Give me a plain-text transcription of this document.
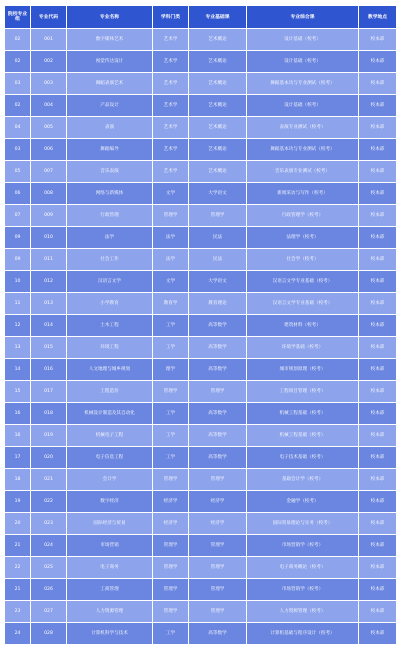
院校专业组	专业代码	专业名称	学科门类	专业基础课	专业综合课	教学地点
02	001	数字媒体艺术	艺术学	艺术概论	设计基础（校考）	校本部
02	002	视觉传达设计	艺术学	艺术概论	设计基础（校考）	校本部
03	003	舞蹈表演艺术	艺术学	艺术概论	舞蹈基本功与专业测试（校考）	校本部
02	004	产品设计	艺术学	艺术概论	设计基础（校考）	校本部
04	005	表演	艺术学	艺术概论	表演专业测试（校考）	校本部
03	006	舞蹈编导	艺术学	艺术概论	舞蹈基本功与专业测试（校考）	校本部
05	007	音乐表演	艺术学	艺术概论	音乐表演专业测试（校考）	校本部
06	008	网络与新媒体	文学	大学语文	新闻采访与写作（校考）	校本部
07	009	行政管理	管理学	管理学	行政管理学（校考）	校本部
09	010	法学	法学	民法	法理学（校考）	校本部
09	011	社会工作	法学	民法	社会学（校考）	校本部
10	012	汉语言文学	文学	大学语文	汉语言文学专业基础（校考）	校本部
11	013	小学教育	教育学	教育理论	汉语言文学专业基础（校考）	校本部
12	014	土木工程	工学	高等数学	建筑材料（校考）	校本部
13	015	环境工程	工学	高等数学	环境学基础（校考）	校本部
14	016	人文地理与城乡规划	理学	高等数学	城市规划原理（校考）	校本部
15	017	工程造价	管理学	管理学	工程项目管理（校考）	校本部
16	018	机械设计制造及其自动化	工学	高等数学	机械工程基础（校考）	校本部
16	019	机械电子工程	工学	高等数学	机械工程基础（校考）	校本部
17	020	电子信息工程	工学	高等数学	电子技术基础（校考）	校本部
18	021	会计学	管理学	管理学	基础会计学（校考）	校本部
19	022	数字经济	经济学	经济学	金融学（校考）	校本部
20	023	国际经济与贸易	经济学	经济学	国际贸易理论与实务（校考）	校本部
21	024	市场营销	管理学	管理学	市场营销学（校考）	校本部
22	025	电子商务	管理学	管理学	电子商务概论（校考）	校本部
21	026	工商管理	管理学	管理学	市场营销学（校考）	校本部
23	027	人力资源管理	管理学	管理学	人力资源管理（校考）	校本部
24	028	计算机科学与技术	工学	高等数学	计算机基础与程序设计（校考）	校本部
